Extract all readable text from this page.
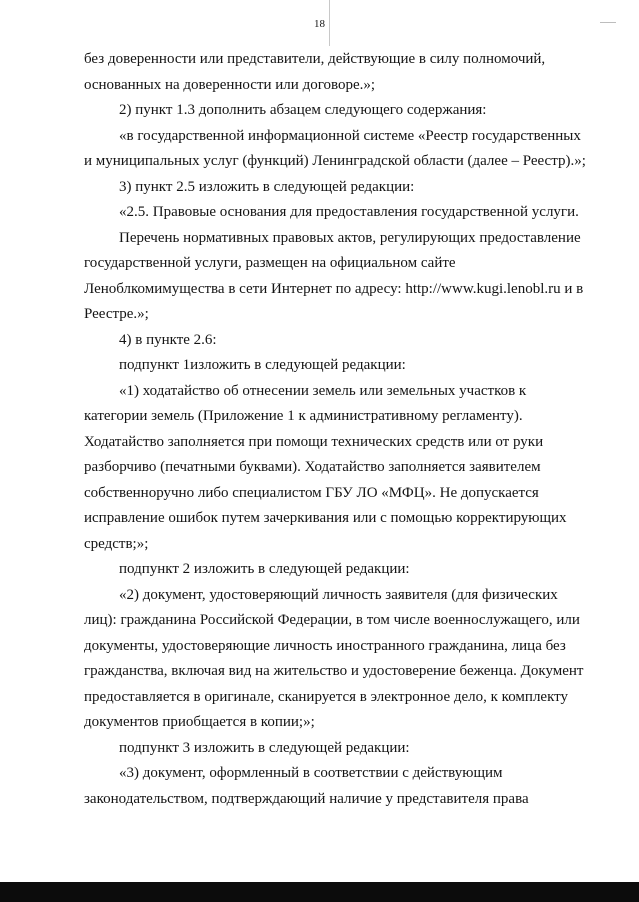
18

без доверенности или представители, действующие в силу полномочий,
основанных на доверенности или договоре.»;

2) пункт 1.3 дополнить абзацем следующего содержания:

«в государственной информационной системе «Реестр государственных
и муниципальных услуг (функций) Ленинградской области (далее – Реестр).»;

3) пункт 2.5 изложить в следующей редакции:

«2.5. Правовые основания для предоставления государственной услуги.

Перечень нормативных правовых актов, регулирующих предоставление
государственной услуги, размещен на официальном сайте
Леноблкомимущества в сети Интернет по адресу: http://www.kugi.lenobl.ru и в
Реестре.»;

4) в пункте 2.6:

подпункт 1изложить в следующей редакции:

«1) ходатайство об отнесении земель или земельных участков к
категории земель (Приложение 1 к административному регламенту).
Ходатайство заполняется при помощи технических средств или от руки
разборчиво (печатными буквами). Ходатайство заполняется заявителем
собственноручно либо специалистом ГБУ ЛО «МФЦ». Не допускается
исправление ошибок путем зачеркивания или с помощью корректирующих
средств;»;

подпункт 2 изложить в следующей редакции:

«2) документ, удостоверяющий личность заявителя (для физических
лиц): гражданина Российской Федерации, в том числе военнослужащего, или
документы, удостоверяющие личность иностранного гражданина, лица без
гражданства, включая вид на жительство и удостоверение беженца. Документ
предоставляется в оригинале, сканируется в электронное дело, к комплекту
документов приобщается в копии;»;

подпункт 3 изложить в следующей редакции:

«3) документ, оформленный в соответствии с действующим
законодательством, подтверждающий наличие у представителя права
